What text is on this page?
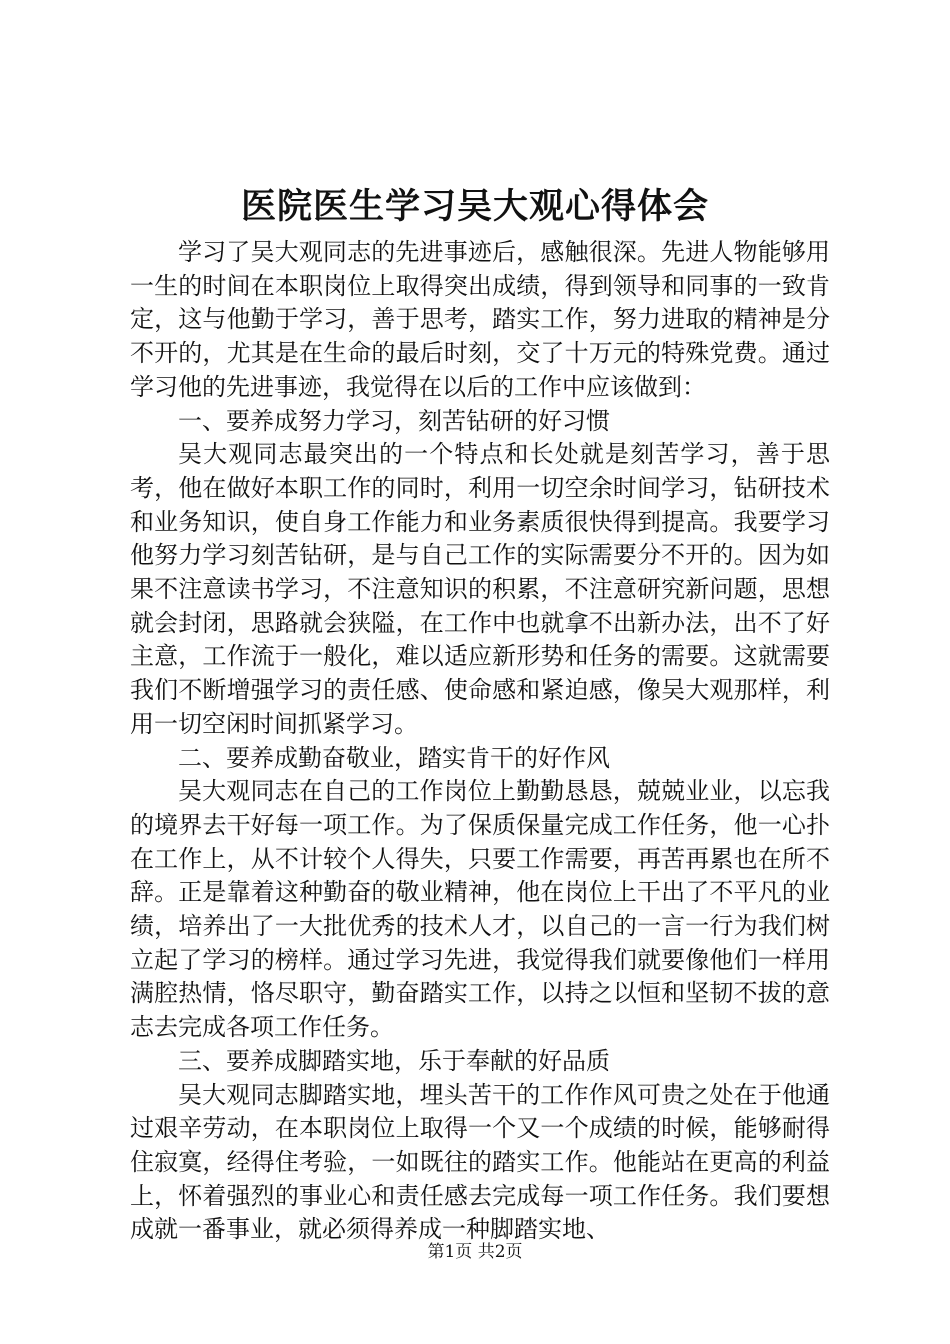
医院医生学习吴大观心得体会

学习了吴大观同志的先进事迹后，感触很深。先进人物能够用一生的时间在本职岗位上取得突出成绩，得到领导和同事的一致肯定，这与他勤于学习，善于思考，踏实工作，努力进取的精神是分不开的，尤其是在生命的最后时刻，交了十万元的特殊党费。通过学习他的先进事迹，我觉得在以后的工作中应该做到：

一、要养成努力学习，刻苦钻研的好习惯

吴大观同志最突出的一个特点和长处就是刻苦学习，善于思考，他在做好本职工作的同时，利用一切空余时间学习，钻研技术和业务知识，使自身工作能力和业务素质很快得到提高。我要学习他努力学习刻苦钻研，是与自己工作的实际需要分不开的。因为如果不注意读书学习，不注意知识的积累，不注意研究新问题，思想就会封闭，思路就会狭隘，在工作中也就拿不出新办法，出不了好主意，工作流于一般化，难以适应新形势和任务的需要。这就需要我们不断增强学习的责任感、使命感和紧迫感，像吴大观那样，利用一切空闲时间抓紧学习。

二、要养成勤奋敬业，踏实肯干的好作风

吴大观同志在自己的工作岗位上勤勤恳恳，兢兢业业，以忘我的境界去干好每一项工作。为了保质保量完成工作任务，他一心扑在工作上，从不计较个人得失，只要工作需要，再苦再累也在所不辞。正是靠着这种勤奋的敬业精神，他在岗位上干出了不平凡的业绩，培养出了一大批优秀的技术人才，以自己的一言一行为我们树立起了学习的榜样。通过学习先进，我觉得我们就要像他们一样用满腔热情，恪尽职守，勤奋踏实工作，以持之以恒和坚韧不拔的意志去完成各项工作任务。

三、要养成脚踏实地，乐于奉献的好品质

吴大观同志脚踏实地，埋头苦干的工作作风可贵之处在于他通过艰辛劳动，在本职岗位上取得一个又一个成绩的时候，能够耐得住寂寞，经得住考验，一如既往的踏实工作。他能站在更高的利益上，怀着强烈的事业心和责任感去完成每一项工作任务。我们要想成就一番事业，就必须得养成一种脚踏实地、

第1页 共2页
